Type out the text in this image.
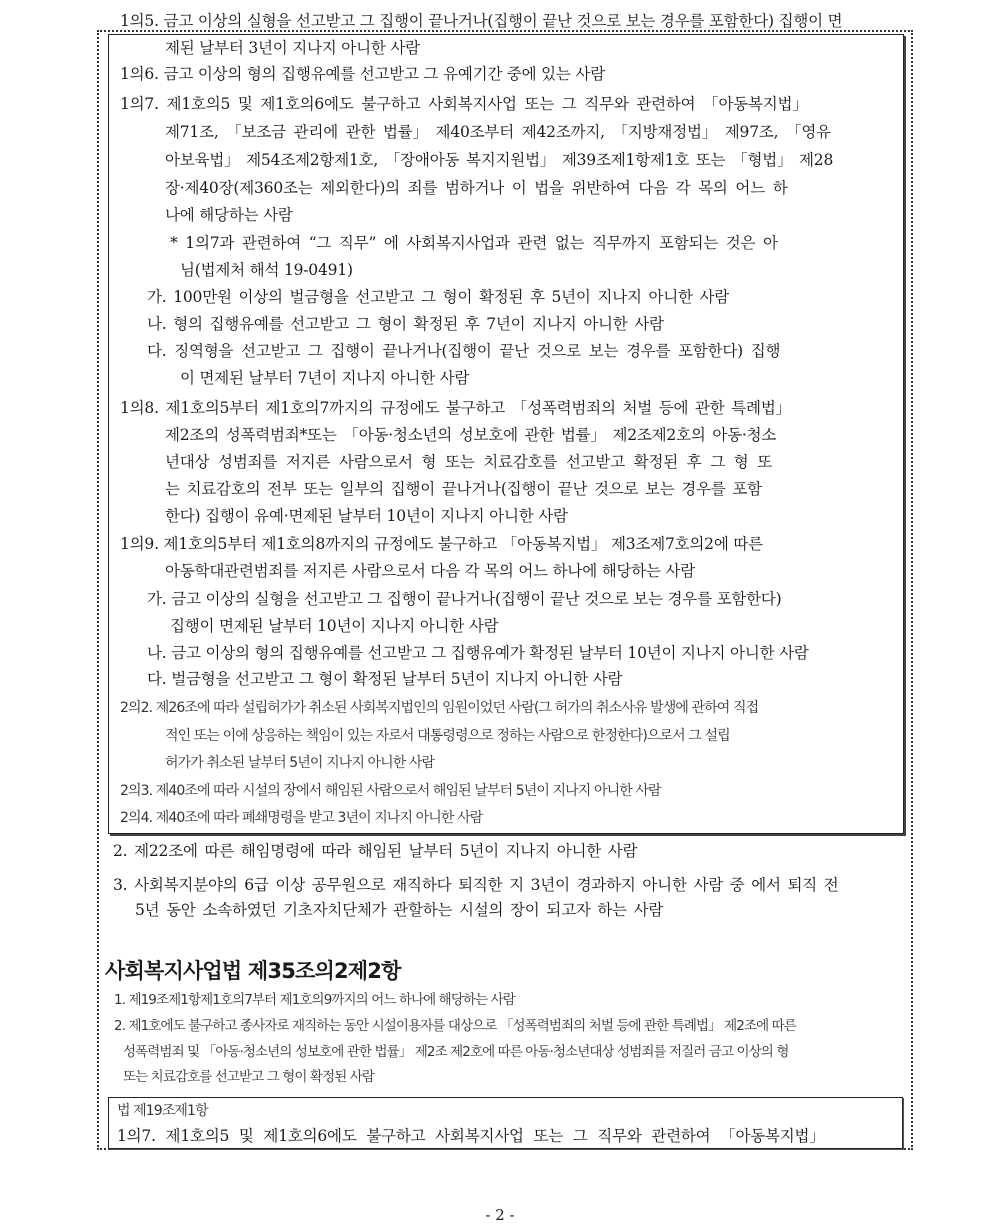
1의5. 금고 이상의 실형을 선고받고 그 집행이 끝나거나(집행이 끝난 것으로 보는 경우를 포함한다) 집행이 면
제된 날부터 3년이 지나지 아니한 사람
1의6. 금고 이상의 형의 집행유예를 선고받고 그 유예기간 중에 있는 사람
1의7. 제1호의5 및 제1호의6에도 불구하고 사회복지사업 또는 그 직무와 관련하여 「아동복지법」
제71조, 「보조금 관리에 관한 법률」 제40조부터 제42조까지, 「지방재정법」 제97조, 「영유
아보육법」 제54조제2항제1호, 「장애아동 복지지원법」 제39조제1항제1호 또는 「형법」 제28
장·제40장(제360조는 제외한다)의 죄를 범하거나 이 법을 위반하여 다음 각 목의 어느 하
나에 해당하는 사람
* 1의7과 관련하여 “그 직무” 에 사회복지사업과 관련 없는 직무까지 포함되는 것은 아
님(법제처 해석 19-0491)
가. 100만원 이상의 벌금형을 선고받고 그 형이 확정된 후 5년이 지나지 아니한 사람
나. 형의 집행유예를 선고받고 그 형이 확정된 후 7년이 지나지 아니한 사람
다. 징역형을 선고받고 그 집행이 끝나거나(집행이 끝난 것으로 보는 경우를 포함한다) 집행
이 면제된 날부터 7년이 지나지 아니한 사람
1의8. 제1호의5부터 제1호의7까지의 규정에도 불구하고 「성폭력범죄의 처벌 등에 관한 특례법」
제2조의 성폭력범죄*또는 「아동·청소년의 성보호에 관한 법률」 제2조제2호의 아동·청소
년대상 성범죄를 저지른 사람으로서 형 또는 치료감호를 선고받고 확정된 후 그 형 또
는 치료감호의 전부 또는 일부의 집행이 끝나거나(집행이 끝난 것으로 보는 경우를 포함
한다) 집행이 유예·면제된 날부터 10년이 지나지 아니한 사람
1의9. 제1호의5부터 제1호의8까지의 규정에도 불구하고 「아동복지법」 제3조제7호의2에 따른
아동학대관련범죄를 저지른 사람으로서 다음 각 목의 어느 하나에 해당하는 사람
가. 금고 이상의 실형을 선고받고 그 집행이 끝나거나(집행이 끝난 것으로 보는 경우를 포함한다)
집행이 면제된 날부터 10년이 지나지 아니한 사람
나. 금고 이상의 형의 집행유예를 선고받고 그 집행유예가 확정된 날부터 10년이 지나지 아니한 사람
다. 벌금형을 선고받고 그 형이 확정된 날부터 5년이 지나지 아니한 사람
2의2. 제26조에 따라 설립허가가 취소된 사회복지법인의 임원이었던 사람(그 허가의 취소사유 발생에 관하여 직접
적인 또는 이에 상응하는 책임이 있는 자로서 대통령령으로 정하는 사람으로 한정한다)으로서 그 설립
허가가 취소된 날부터 5년이 지나지 아니한 사람
2의3. 제40조에 따라 시설의 장에서 해임된 사람으로서 해임된 날부터 5년이 지나지 아니한 사람
2의4. 제40조에 따라 폐쇄명령을 받고 3년이 지나지 아니한 사람
2. 제22조에 따른 해임명령에 따라 해임된 날부터 5년이 지나지 아니한 사람
3. 사회복지분야의 6급 이상 공무원으로 재직하다 퇴직한 지 3년이 경과하지 아니한 사람 중 에서 퇴직 전
5년 동안 소속하였던 기초자치단체가 관할하는 시설의 장이 되고자 하는 사람
사회복지사업법 제35조의2제2항
1. 제19조제1항제1호의7부터 제1호의9까지의 어느 하나에 해당하는 사람
2. 제1호에도 불구하고 종사자로 재직하는 동안 시설이용자를 대상으로 「성폭력범죄의 처벌 등에 관한 특례법」 제2조에 따른
성폭력범죄 및 「아동·청소년의 성보호에 관한 법률」 제2조 제2호에 따른 아동·청소년대상 성범죄를 저질러 금고 이상의 형
또는 치료감호를 선고받고 그 형이 확정된 사람
법 제19조제1항
1의7. 제1호의5 및 제1호의6에도 불구하고 사회복지사업 또는 그 직무와 관련하여 「아동복지법」
- 2 -
